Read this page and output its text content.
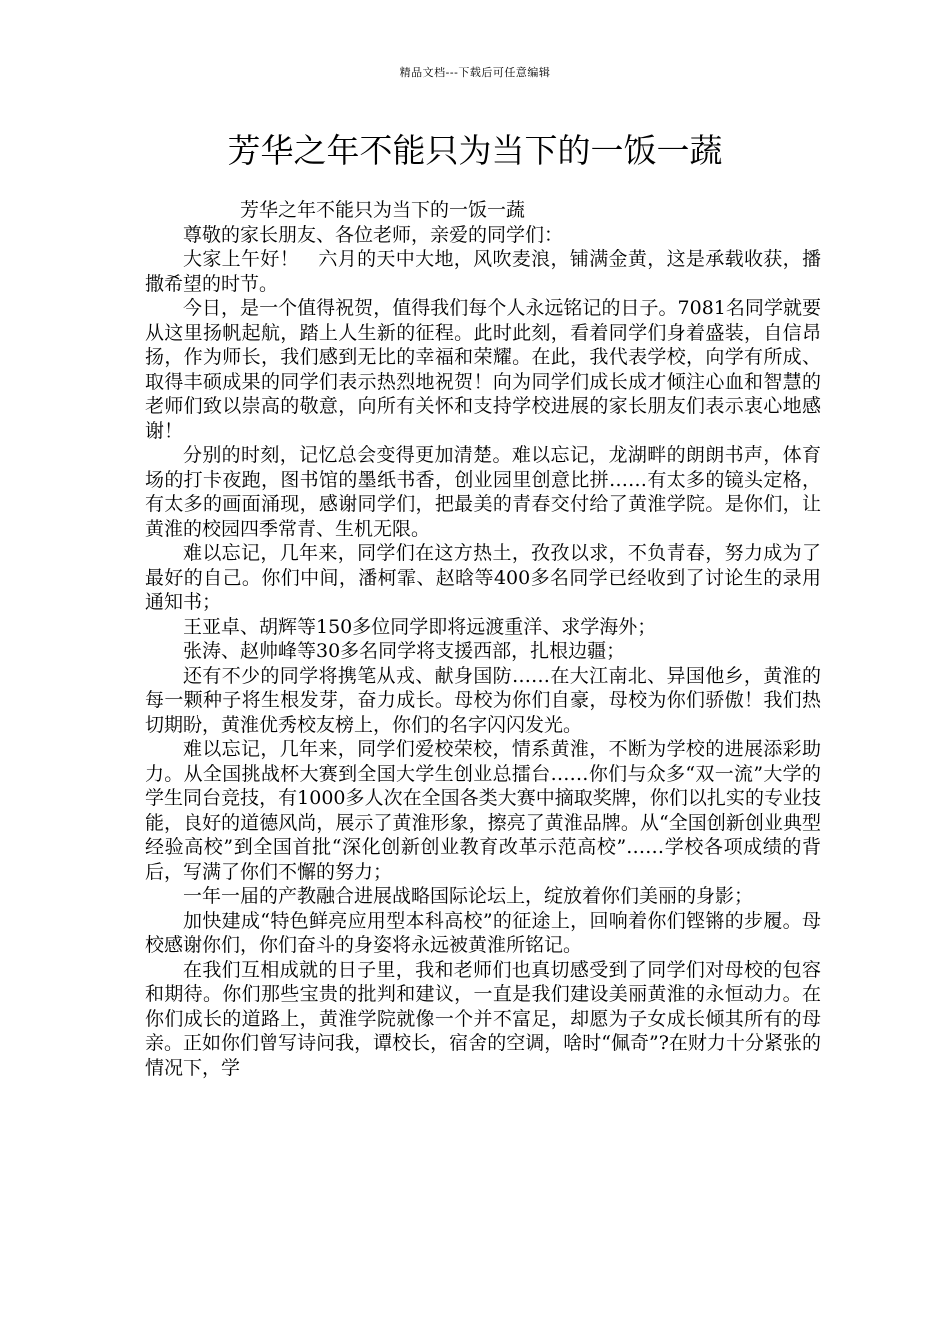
精品文档---下载后可任意编辑
芳华之年不能只为当下的一饭一蔬

芳华之年不能只为当下的一饭一蔬

尊敬的家长朋友、各位老师，亲爱的同学们：

大家上午好！　六月的天中大地，风吹麦浪，铺满金黄，这是承载收获，播撒希望的时节。

今日，是一个值得祝贺，值得我们每个人永远铭记的日子。7081名同学就要从这里扬帆起航，踏上人生新的征程。此时此刻，看着同学们身着盛装，自信昂扬，作为师长，我们感到无比的幸福和荣耀。在此，我代表学校，向学有所成、取得丰硕成果的同学们表示热烈地祝贺！向为同学们成长成才倾注心血和智慧的老师们致以崇高的敬意，向所有关怀和支持学校进展的家长朋友们表示衷心地感谢！

分别的时刻，记忆总会变得更加清楚。难以忘记，龙湖畔的朗朗书声，体育场的打卡夜跑，图书馆的墨纸书香，创业园里创意比拼……有太多的镜头定格，有太多的画面涌现，感谢同学们，把最美的青春交付给了黄淮学院。是你们，让黄淮的校园四季常青、生机无限。

难以忘记，几年来，同学们在这方热土，孜孜以求，不负青春，努力成为了最好的自己。你们中间，潘柯霏、赵晗等400多名同学已经收到了讨论生的录用通知书；

王亚卓、胡辉等150多位同学即将远渡重洋、求学海外；

张涛、赵帅峰等30多名同学将支援西部，扎根边疆；

还有不少的同学将携笔从戎、献身国防……在大江南北、异国他乡，黄淮的每一颗种子将生根发芽，奋力成长。母校为你们自豪，母校为你们骄傲！我们热切期盼，黄淮优秀校友榜上，你们的名字闪闪发光。

难以忘记，几年来，同学们爱校荣校，情系黄淮，不断为学校的进展添彩助力。从全国挑战杯大赛到全国大学生创业总擂台……你们与众多“双一流”大学的学生同台竞技，有1000多人次在全国各类大赛中摘取奖牌，你们以扎实的专业技能，良好的道德风尚，展示了黄淮形象，擦亮了黄淮品牌。从“全国创新创业典型经验高校”到全国首批“深化创新创业教育改革示范高校”……学校各项成绩的背后，写满了你们不懈的努力；

一年一届的产教融合进展战略国际论坛上，绽放着你们美丽的身影；

加快建成“特色鲜亮应用型本科高校”的征途上，回响着你们铿锵的步履。母校感谢你们，你们奋斗的身姿将永远被黄淮所铭记。

在我们互相成就的日子里，我和老师们也真切感受到了同学们对母校的包容和期待。你们那些宝贵的批判和建议，一直是我们建设美丽黄淮的永恒动力。在你们成长的道路上，黄淮学院就像一个并不富足，却愿为子女成长倾其所有的母亲。正如你们曾写诗问我，谭校长，宿舍的空调，啥时“佩奇”?在财力十分紧张的情况下，学
